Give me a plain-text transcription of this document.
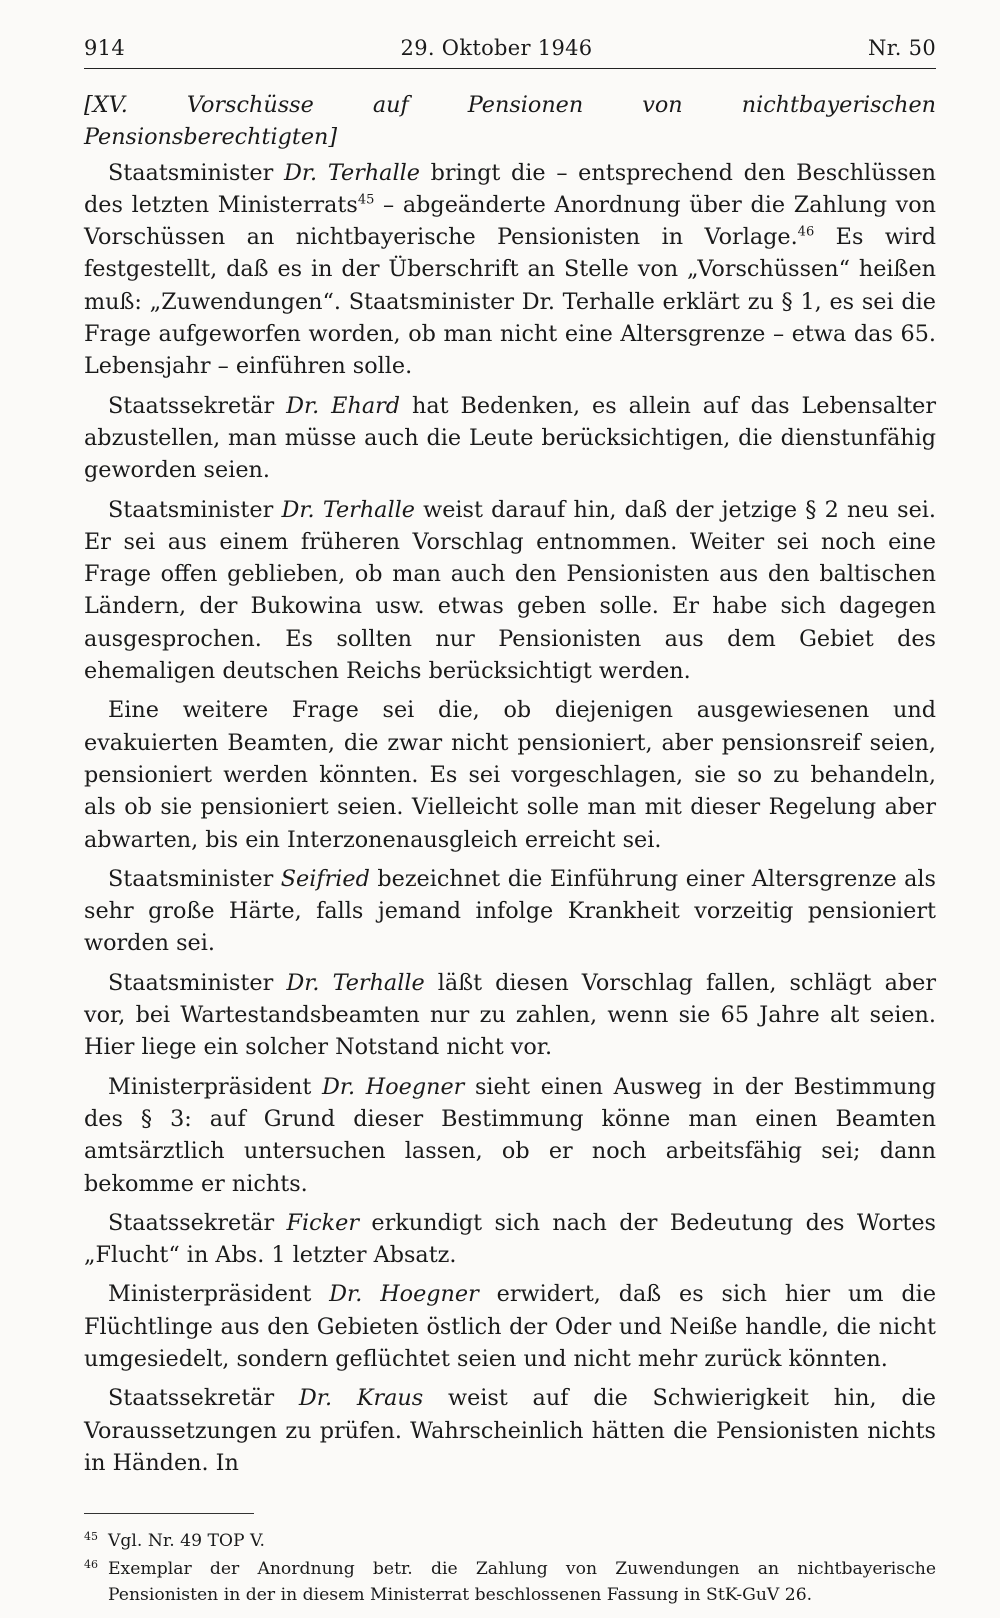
914	29. Oktober 1946	Nr. 50

[XV. Vorschüsse auf Pensionen von nichtbayerischen Pensionsberechtigten]

Staatsminister Dr. Terhalle bringt die – entsprechend den Beschlüssen des letzten Ministerrats$^{45}$ – abgeänderte Anordnung über die Zahlung von Vorschüssen an nichtbayerische Pensionisten in Vorlage.$^{46}$ Es wird festgestellt, daß es in der Überschrift an Stelle von „Vorschüssen“ heißen muß: „Zuwendungen“. Staatsminister Dr. Terhalle erklärt zu § 1, es sei die Frage aufgeworfen worden, ob man nicht eine Altersgrenze – etwa das 65. Lebensjahr – einführen solle.

Staatssekretär Dr. Ehard hat Bedenken, es allein auf das Lebensalter abzustellen, man müsse auch die Leute berücksichtigen, die dienstunfähig geworden seien.

Staatsminister Dr. Terhalle weist darauf hin, daß der jetzige § 2 neu sei. Er sei aus einem früheren Vorschlag entnommen. Weiter sei noch eine Frage offen geblieben, ob man auch den Pensionisten aus den baltischen Ländern, der Bukowina usw. etwas geben solle. Er habe sich dagegen ausgesprochen. Es sollten nur Pensionisten aus dem Gebiet des ehemaligen deutschen Reichs berücksichtigt werden.

Eine weitere Frage sei die, ob diejenigen ausgewiesenen und evakuierten Beamten, die zwar nicht pensioniert, aber pensionsreif seien, pensioniert werden könnten. Es sei vorgeschlagen, sie so zu behandeln, als ob sie pensioniert seien. Vielleicht solle man mit dieser Regelung aber abwarten, bis ein Interzonenausgleich erreicht sei.

Staatsminister Seifried bezeichnet die Einführung einer Altersgrenze als sehr große Härte, falls jemand infolge Krankheit vorzeitig pensioniert worden sei.

Staatsminister Dr. Terhalle läßt diesen Vorschlag fallen, schlägt aber vor, bei Wartestandsbeamten nur zu zahlen, wenn sie 65 Jahre alt seien. Hier liege ein solcher Notstand nicht vor.

Ministerpräsident Dr. Hoegner sieht einen Ausweg in der Bestimmung des § 3: auf Grund dieser Bestimmung könne man einen Beamten amtsärztlich untersuchen lassen, ob er noch arbeitsfähig sei; dann bekomme er nichts.

Staatssekretär Ficker erkundigt sich nach der Bedeutung des Wortes „Flucht“ in Abs. 1 letzter Absatz.

Ministerpräsident Dr. Hoegner erwidert, daß es sich hier um die Flüchtlinge aus den Gebieten östlich der Oder und Neiße handle, die nicht umgesiedelt, sondern geflüchtet seien und nicht mehr zurück könnten.

Staatssekretär Dr. Kraus weist auf die Schwierigkeit hin, die Voraussetzungen zu prüfen. Wahrscheinlich hätten die Pensionisten nichts in Händen. In

45 Vgl. Nr. 49 TOP V.
46 Exemplar der Anordnung betr. die Zahlung von Zuwendungen an nichtbayerische Pensionisten in der in diesem Ministerrat beschlossenen Fassung in StK-GuV 26.
